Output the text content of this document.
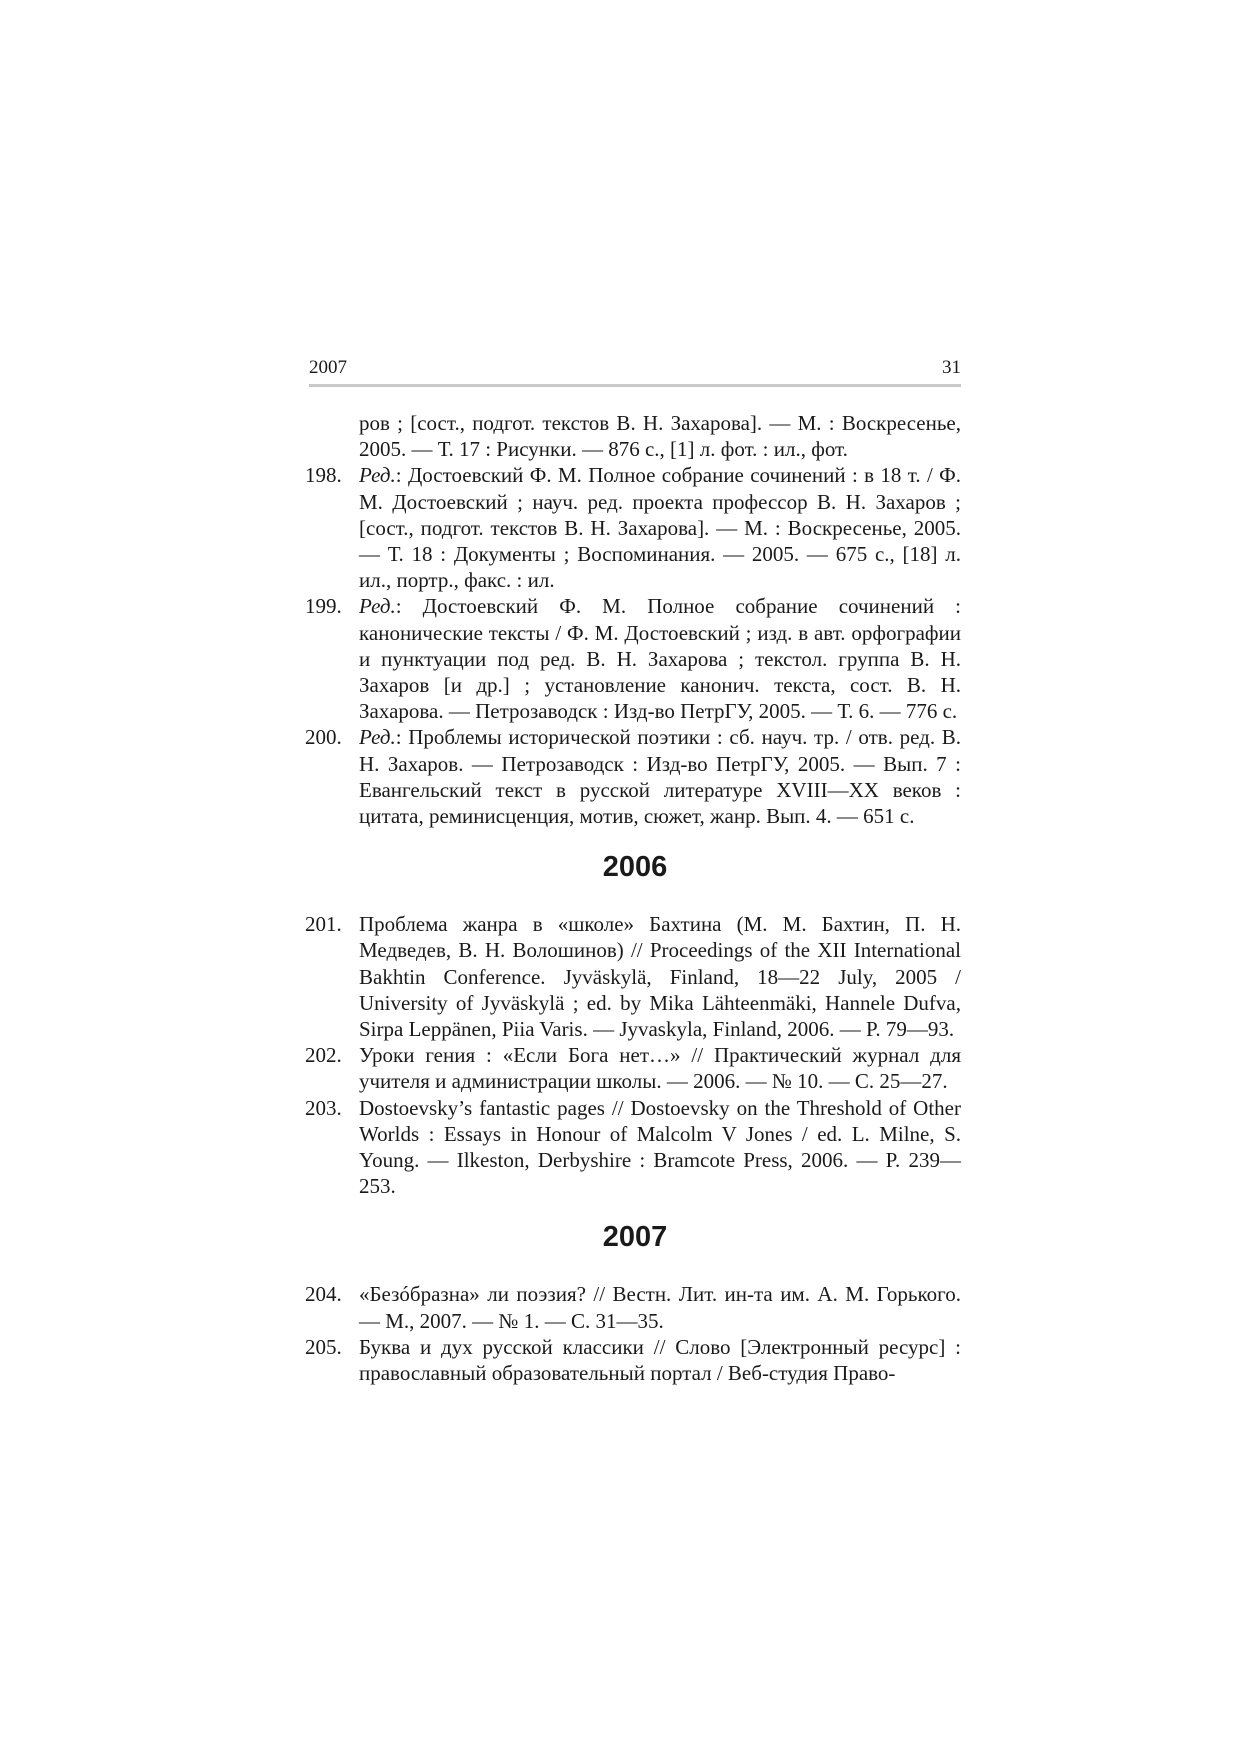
2007	31
ров ; [сост., подгот. текстов В. Н. Захарова]. — М. : Воскресенье, 2005. — Т. 17 : Рисунки. — 876 с., [1] л. фот. : ил., фот.
198. Ред.: Достоевский Ф. М. Полное собрание сочинений : в 18 т. / Ф. М. Достоевский ; науч. ред. проекта профессор В. Н. Захаров ; [сост., подгот. текстов В. Н. Захарова]. — М. : Воскресенье, 2005. — Т. 18 : Документы ; Воспоминания. — 2005. — 675 с., [18] л. ил., портр., факс. : ил.
199. Ред.: Достоевский Ф. М. Полное собрание сочинений : канонические тексты / Ф. М. Достоевский ; изд. в авт. орфографии и пунктуации под ред. В. Н. Захарова ; текстол. группа В. Н. Захаров [и др.] ; установление канонич. текста, сост. В. Н. Захарова. — Петрозаводск : Изд-во ПетрГУ, 2005. — Т. 6. — 776 с.
200. Ред.: Проблемы исторической поэтики : сб. науч. тр. / отв. ред. В. Н. Захаров. — Петрозаводск : Изд-во ПетрГУ, 2005. — Вып. 7 : Евангельский текст в русской литературе XVIII—XX веков : цитата, реминисценция, мотив, сюжет, жанр. Вып. 4. — 651 с.
2006
201. Проблема жанра в «школе» Бахтина (М. М. Бахтин, П. Н. Медведев, В. Н. Волошинов) // Proceedings of the XII International Bakhtin Conference. Jyväskylä, Finland, 18—22 July, 2005 / University of Jyväskylä ; ed. by Mika Lähteenmäki, Hannele Dufva, Sirpa Leppänen, Piia Varis. — Jyvaskyla, Finland, 2006. — P. 79—93.
202. Уроки гения : «Если Бога нет…» // Практический журнал для учителя и администрации школы. — 2006. — № 10. — С. 25—27.
203. Dostoevsky’s fantastic pages // Dostoevsky on the Threshold of Other Worlds : Essays in Honour of Malcolm V Jones / ed. L. Milne, S. Young. — Ilkeston, Derbyshire : Bramcote Press, 2006. — P. 239—253.
2007
204. «Безóбразна» ли поэзия? // Вестн. Лит. ин-та им. А. М. Горького. — М., 2007. — № 1. — С. 31—35.
205. Буква и дух русской классики // Слово [Электронный ресурс] : православный образовательный портал / Веб-студия Право-
